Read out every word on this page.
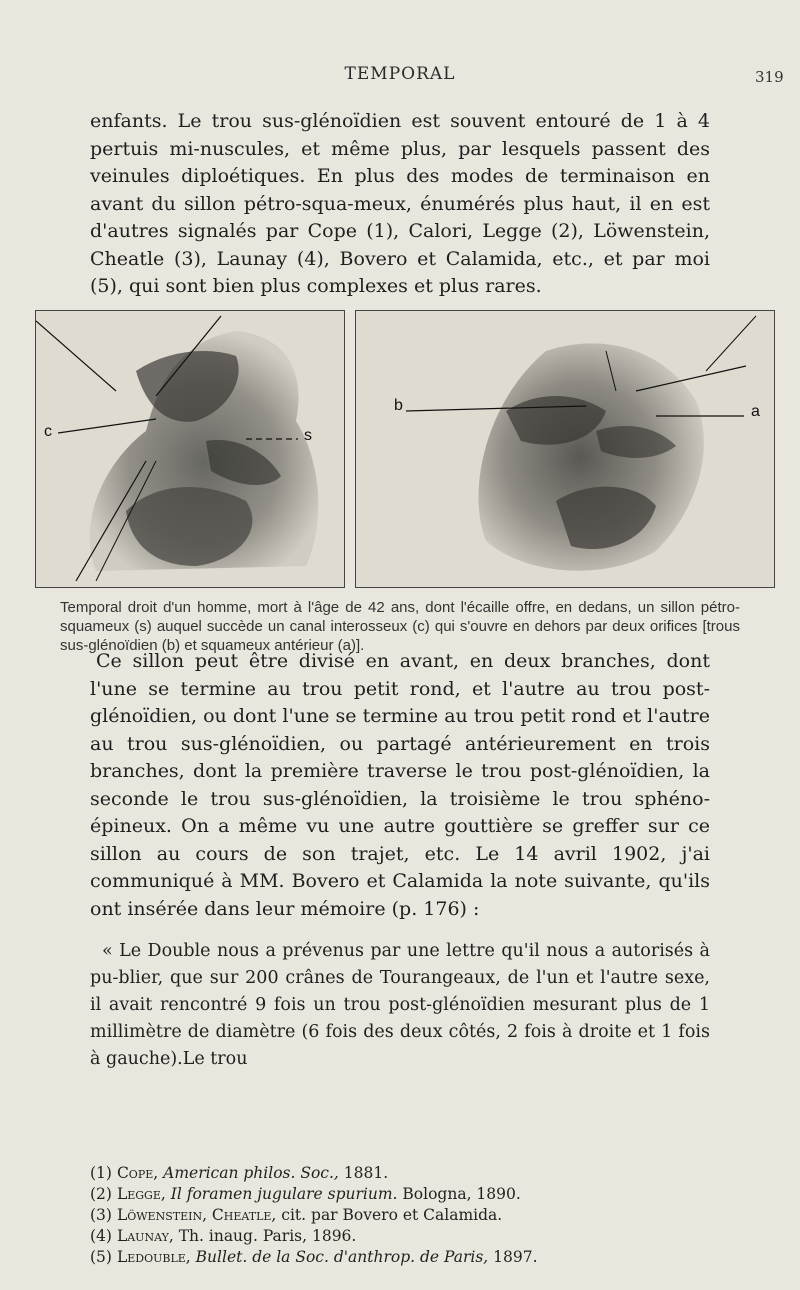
TEMPORAL	319

enfants. Le trou sus-glénoïdien est souvent entouré de 1 à 4 pertuis mi-nuscules, et même plus, par lesquels passent des veinules diploétiques. En plus des modes de terminaison en avant du sillon pétro-squa-meux, énumérés plus haut, il en est d'autres signalés par Cope (1), Calori, Legge (2), Löwenstein, Cheatle (3), Launay (4), Bovero et Calamida, etc., et par moi (5), qui sont bien plus complexes et plus rares.

c	s
b	a

Temporal droit d'un homme, mort à l'âge de 42 ans, dont l'écaille offre, en dedans, un sillon pétro-squameux (s) auquel succède un canal interosseux (c) qui s'ouvre en dehors par deux orifices [trous sus-glénoïdien (b) et squameux antérieur (a)].

Ce sillon peut être divisé en avant, en deux branches, dont l'une se termine au trou petit rond, et l'autre au trou post-glénoïdien, ou dont l'une se termine au trou petit rond et l'autre au trou sus-glénoïdien, ou partagé antérieurement en trois branches, dont la première traverse le trou post-glénoïdien, la seconde le trou sus-glénoïdien, la troisième le trou sphéno-épineux. On a même vu une autre gouttière se greffer sur ce sillon au cours de son trajet, etc. Le 14 avril 1902, j'ai communiqué à MM. Bovero et Calamida la note suivante, qu'ils ont insérée dans leur mémoire (p. 176) :

« Le Double nous a prévenus par une lettre qu'il nous a autorisés à pu-blier, que sur 200 crânes de Tourangeaux, de l'un et l'autre sexe, il avait rencontré 9 fois un trou post-glénoïdien mesurant plus de 1 millimètre de diamètre (6 fois des deux côtés, 2 fois à droite et 1 fois à gauche).Le trou

(1) Cope, American philos. Soc., 1881.
(2) Legge, Il foramen jugulare spurium. Bologna, 1890.
(3) Löwenstein, Cheatle, cit. par Bovero et Calamida.
(4) Launay, Th. inaug. Paris, 1896.
(5) Ledouble, Bullet. de la Soc. d'anthrop. de Paris, 1897.
